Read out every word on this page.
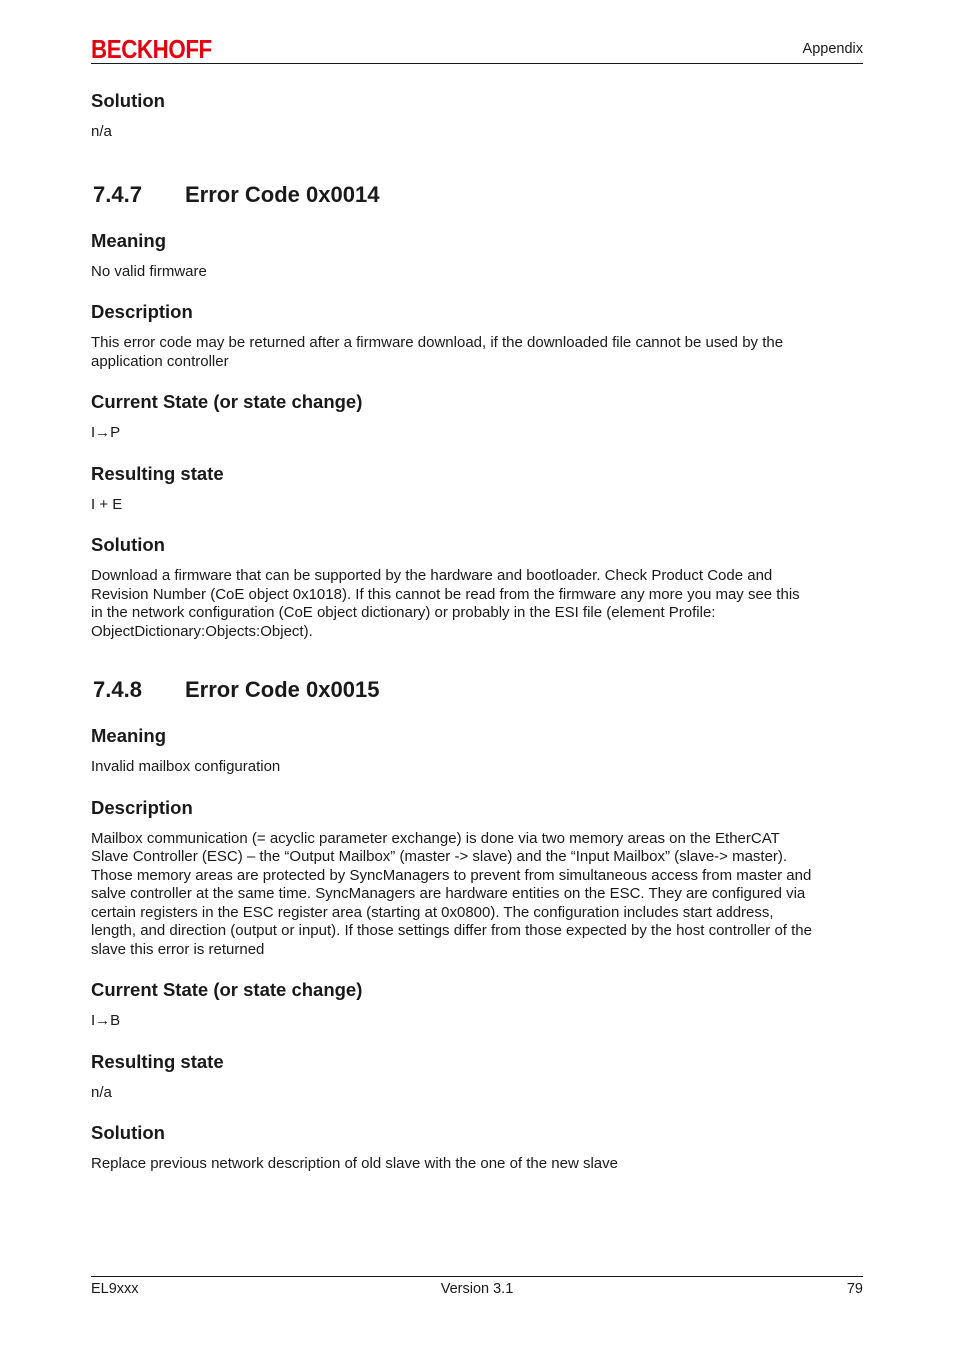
BECKHOFF	Appendix
Solution
n/a
7.4.7	Error Code 0x0014
Meaning
No valid firmware
Description
This error code may be returned after a firmware download, if the downloaded file cannot be used by the
application controller
Current State (or state change)
I→P
Resulting state
I + E
Solution
Download a firmware that can be supported by the hardware and bootloader. Check Product Code and
Revision Number (CoE object 0x1018). If this cannot be read from the firmware any more you may see this
in the network configuration (CoE object dictionary) or probably in the ESI file (element Profile:
ObjectDictionary:Objects:Object).
7.4.8	Error Code 0x0015
Meaning
Invalid mailbox configuration
Description
Mailbox communication (= acyclic parameter exchange) is done via two memory areas on the EtherCAT
Slave Controller (ESC) – the “Output Mailbox” (master -> slave) and the “Input Mailbox” (slave-> master).
Those memory areas are protected by SyncManagers to prevent from simultaneous access from master and
salve controller at the same time. SyncManagers are hardware entities on the ESC. They are configured via
certain registers in the ESC register area (starting at 0x0800). The configuration includes start address,
length, and direction (output or input). If those settings differ from those expected by the host controller of the
slave this error is returned
Current State (or state change)
I→B
Resulting state
n/a
Solution
Replace previous network description of old slave with the one of the new slave
EL9xxx	Version 3.1	79
